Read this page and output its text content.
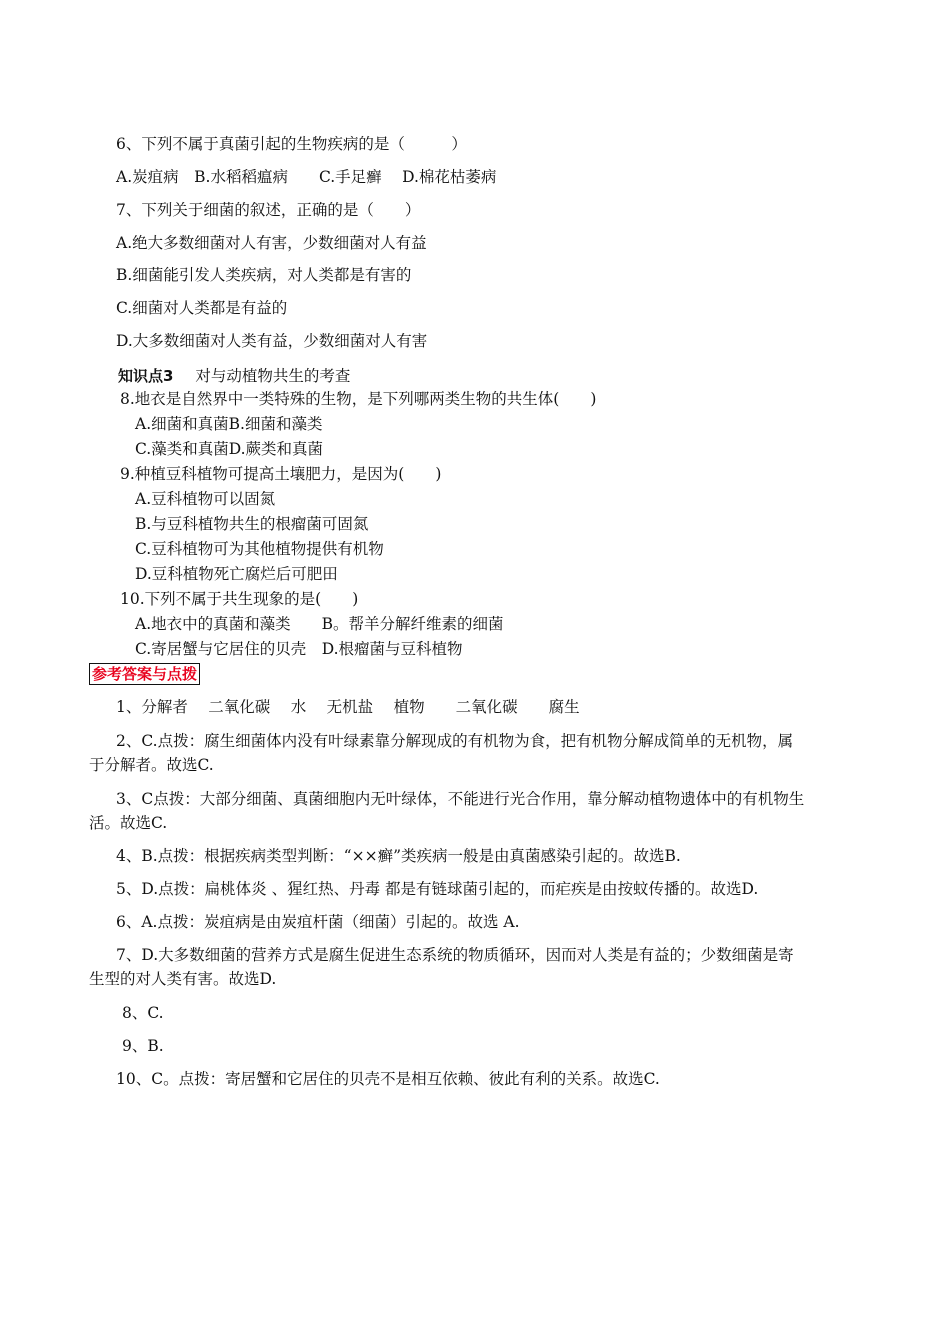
6、下列不属于真菌引起的生物疾病的是（　　　）
A.炭疽病　B.水稻稻瘟病　　C.手足癣　 D.棉花枯萎病
7、下列关于细菌的叙述，正确的是（　　）
A.绝大多数细菌对人有害，少数细菌对人有益
B.细菌能引发人类疾病，对人类都是有害的
C.细菌对人类都是有益的
D.大多数细菌对人类有益，少数细菌对人有害
知识点3 对与动植物共生的考查
8.地衣是自然界中一类特殊的生物，是下列哪两类生物的共生体(　　)
A.细菌和真菌B.细菌和藻类
C.藻类和真菌D.蕨类和真菌
9.种植豆科植物可提高土壤肥力，是因为(　　)
A.豆科植物可以固氮
B.与豆科植物共生的根瘤菌可固氮
C.豆科植物可为其他植物提供有机物
D.豆科植物死亡腐烂后可肥田
10.下列不属于共生现象的是(　　)
A.地衣中的真菌和藻类　　B。帮羊分解纤维素的细菌
C.寄居蟹与它居住的贝壳　D.根瘤菌与豆科植物
参考答案与点拨
1、分解者　 二氧化碳　 水　 无机盐　 植物　　二氧化碳　　腐生
2、C.点拨：腐生细菌体内没有叶绿素靠分解现成的有机物为食，把有机物分解成简单的无机物，属
于分解者。故选C.
3、C点拨：大部分细菌、真菌细胞内无叶绿体，不能进行光合作用，靠分解动植物遗体中的有机物生
活。故选C.
4、B.点拨：根据疾病类型判断：“××癣”类疾病一般是由真菌感染引起的。故选B.
5、D.点拨：扁桃体炎 、猩红热、丹毒 都是有链球菌引起的，而疟疾是由按蚊传播的。故选D.
6、A.点拨：炭疽病是由炭疽杆菌（细菌）引起的。故选 A.
7、D.大多数细菌的营养方式是腐生促进生态系统的物质循环，因而对人类是有益的；少数细菌是寄
生型的对人类有害。故选D.
8、C.
9、B.
10、C。点拨：寄居蟹和它居住的贝壳不是相互依赖、彼此有利的关系。故选C.
